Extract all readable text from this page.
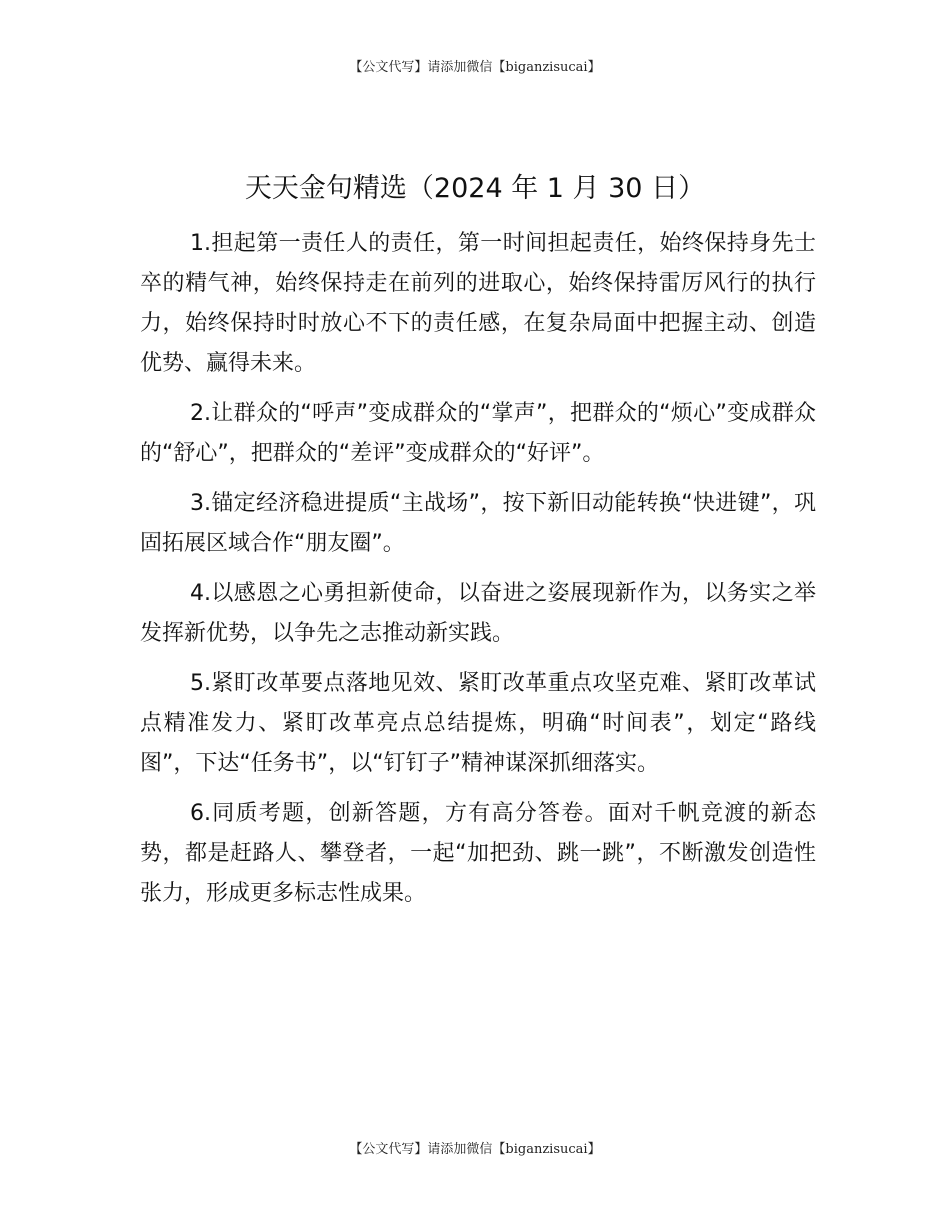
【公文代写】请添加微信【biganzisucai】
天天金句精选（2024 年 1 月 30 日）

1.担起第一责任人的责任，第一时间担起责任，始终保持身先士卒的精气神，始终保持走在前列的进取心，始终保持雷厉风行的执行力，始终保持时时放心不下的责任感，在复杂局面中把握主动、创造优势、赢得未来。

2.让群众的“呼声”变成群众的“掌声”，把群众的“烦心”变成群众的“舒心”，把群众的“差评”变成群众的“好评”。

3.锚定经济稳进提质“主战场”，按下新旧动能转换“快进键”，巩固拓展区域合作“朋友圈”。

4.以感恩之心勇担新使命，以奋进之姿展现新作为，以务实之举发挥新优势，以争先之志推动新实践。

5.紧盯改革要点落地见效、紧盯改革重点攻坚克难、紧盯改革试点精准发力、紧盯改革亮点总结提炼，明确“时间表”，划定“路线图”，下达“任务书”，以“钉钉子”精神谋深抓细落实。

6.同质考题，创新答题，方有高分答卷。面对千帆竞渡的新态势，都是赶路人、攀登者，一起“加把劲、跳一跳”，不断激发创造性张力，形成更多标志性成果。

【公文代写】请添加微信【biganzisucai】
